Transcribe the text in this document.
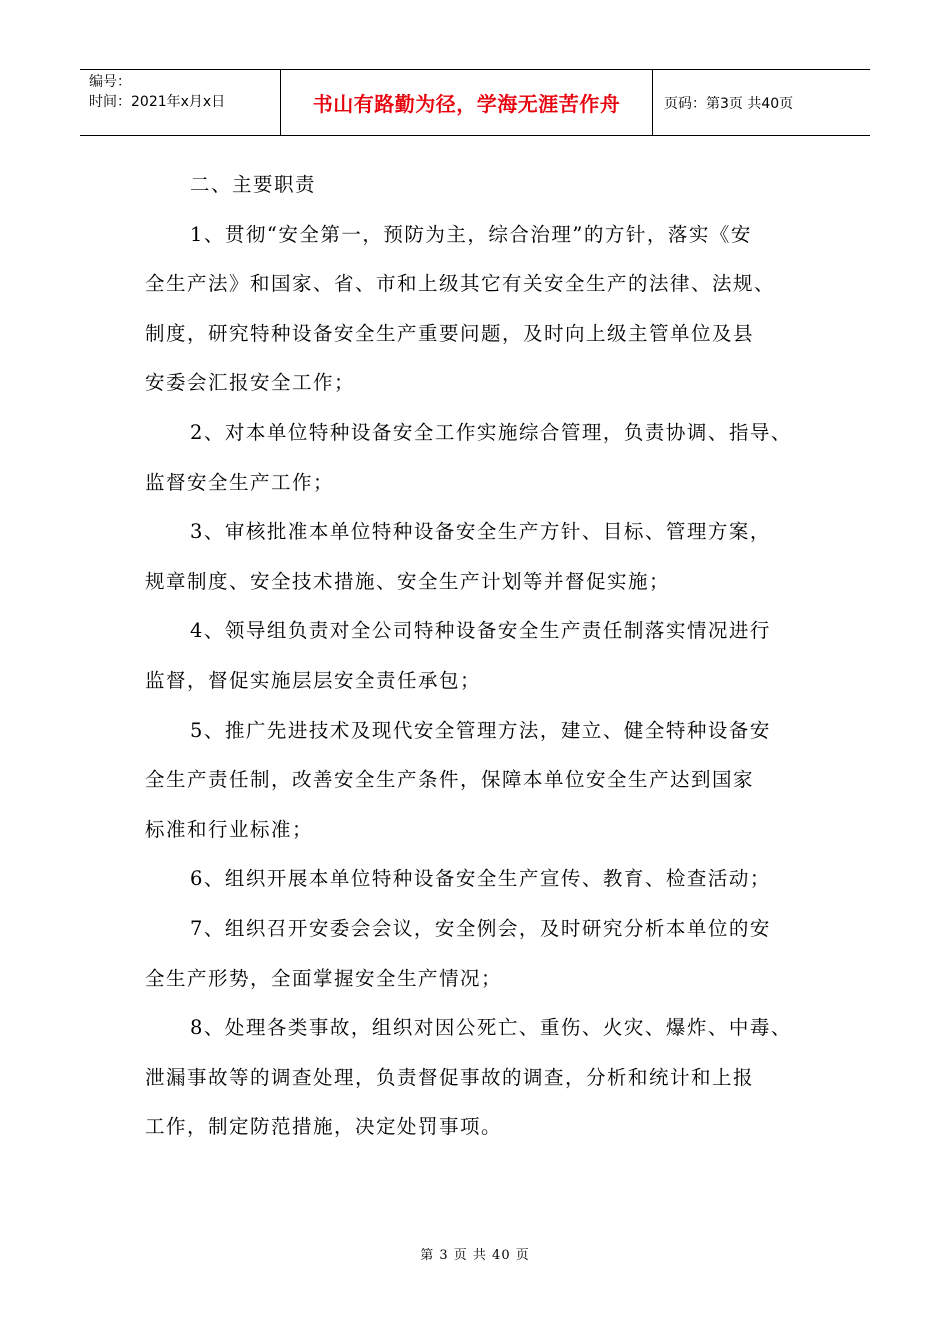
编号：
时间：2021年x月x日	书山有路勤为径，学海无涯苦作舟	页码：第3页 共40页

二、主要职责

1、贯彻“安全第一，预防为主，综合治理”的方针，落实《安
全生产法》和国家、省、市和上级其它有关安全生产的法律、法规、
制度，研究特种设备安全生产重要问题，及时向上级主管单位及县
安委会汇报安全工作；

2、对本单位特种设备安全工作实施综合管理，负责协调、指导、
监督安全生产工作；

3、审核批准本单位特种设备安全生产方针、目标、管理方案，
规章制度、安全技术措施、安全生产计划等并督促实施；

4、领导组负责对全公司特种设备安全生产责任制落实情况进行
监督，督促实施层层安全责任承包；

5、推广先进技术及现代安全管理方法，建立、健全特种设备安
全生产责任制，改善安全生产条件，保障本单位安全生产达到国家
标准和行业标准；

6、组织开展本单位特种设备安全生产宣传、教育、检查活动；

7、组织召开安委会会议，安全例会，及时研究分析本单位的安
全生产形势，全面掌握安全生产情况；

8、处理各类事故，组织对因公死亡、重伤、火灾、爆炸、中毒、
泄漏事故等的调查处理，负责督促事故的调查，分析和统计和上报
工作，制定防范措施，决定处罚事项。

第 3 页 共 40 页
